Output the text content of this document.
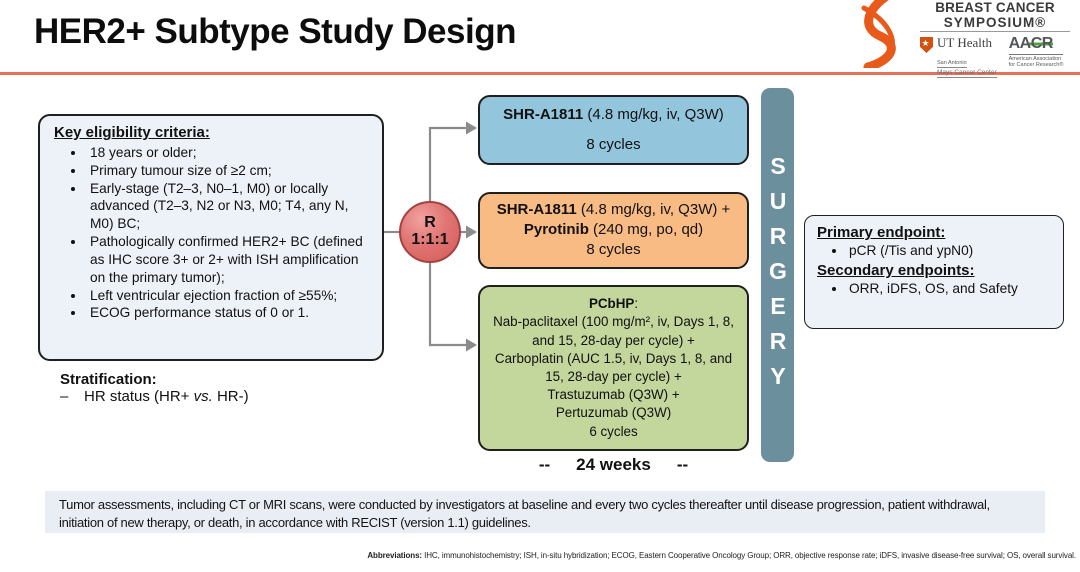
HER2+ Subtype Study Design
BREAST CANCER
SYMPOSIUM®
★
UT Health
San Antonio
Mays Cancer Center
AACR
American Association
for Cancer Research®
Key eligibility criteria:
• 18 years or older;
• Primary tumour size of ≥2 cm;
• Early-stage (T2–3, N0–1, M0) or locally advanced (T2–3, N2 or N3, M0; T4, any N, M0) BC;
• Pathologically confirmed HER2+ BC (defined as IHC score 3+ or 2+ with ISH amplification on the primary tumor);
• Left ventricular ejection fraction of ≥55%;
• ECOG performance status of 0 or 1.
Stratification:
–	HR status (HR+ vs. HR-)
R
1:1:1
SHR-A1811 (4.8 mg/kg, iv, Q3W)
8 cycles
SHR-A1811 (4.8 mg/kg, iv, Q3W) +
Pyrotinib (240 mg, po, qd)
8 cycles
PCbHP:
Nab-paclitaxel (100 mg/m², iv, Days 1, 8, and 15, 28-day per cycle) +
Carboplatin (AUC 1.5, iv, Days 1, 8, and 15, 28-day per cycle) +
Trastuzumab (Q3W) +
Pertuzumab (Q3W)
6 cycles
-- 24 weeks --
SURGERY Primary endpoint:
• pCR (/Tis and ypN0)
Secondary endpoints:
• ORR, iDFS, OS, and Safety
Tumor assessments, including CT or MRI scans, were conducted by investigators at baseline and every two cycles thereafter until disease progression, patient withdrawal, initiation of new therapy, or death, in accordance with RECIST (version 1.1) guidelines.
Abbreviations: IHC, immunohistochemistry; ISH, in-situ hybridization; ECOG, Eastern Cooperative Oncology Group; ORR, objective response rate; iDFS, invasive disease-free survival; OS, overall survival.
